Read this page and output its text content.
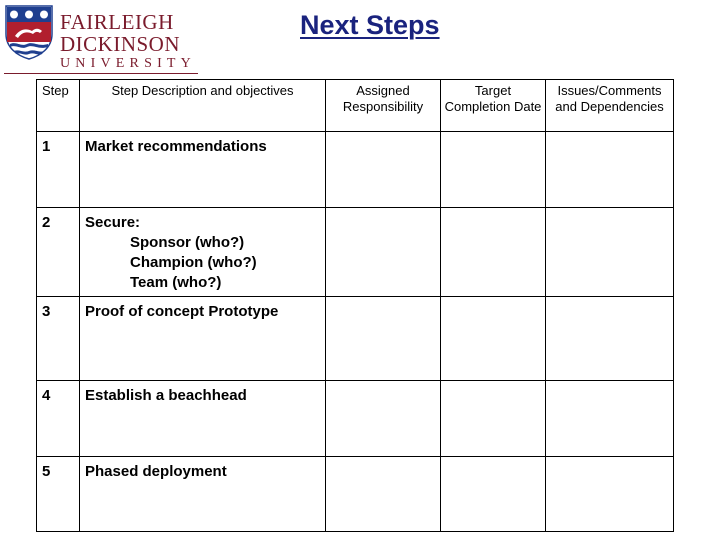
FAIRLEIGH
DICKINSON
UNIVERSITY
Next Steps
Step	Step Description and objectives	Assigned Responsibility	Target Completion Date	Issues/Comments and Dependencies
1	Market recommendations			
2	Secure:
Sponsor (who?)
Champion (who?)
Team (who?)			

3	Proof of concept Prototype			
4	Establish a beachhead			
5	Phased deployment			
